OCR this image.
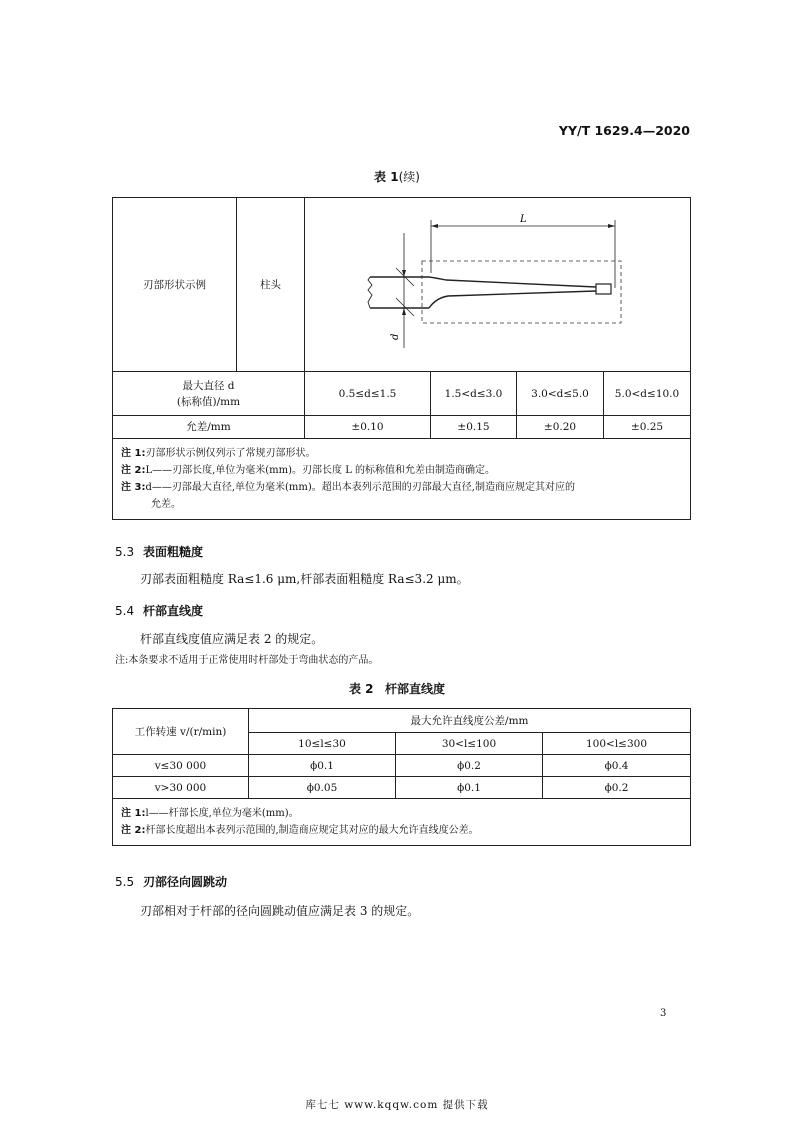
YY/T 1629.4—2020
表 1(续)
刃部形状示例	柱头	L
d			

最大直径 d
(标称值)/mm		0.5≤d≤1.5	1.5<d≤3.0	3.0<d≤5.0	5.0<d≤10.0
允差/mm		±0.10	±0.15	±0.20	±0.25

注 1:刃部形状示例仅列示了常规刃部形状。
注 2:L——刃部长度,单位为毫米(mm)。刃部长度 L 的标称值和允差由制造商确定。
注 3:d——刃部最大直径,单位为毫米(mm)。超出本表列示范围的刃部最大直径,制造商应规定其对应的
允差。					
5.3 表面粗糙度
刃部表面粗糙度 Ra≤1.6 μm,杆部表面粗糙度 Ra≤3.2 μm。
5.4 杆部直线度
杆部直线度值应满足表 2 的规定。
注:本条要求不适用于正常使用时杆部处于弯曲状态的产品。
表 2 杆部直线度
工作转速 v/(r/min)	最大允许直线度公差/mm		
	10≤l≤30	30<l≤100	100<l≤300
v≤30 000	ϕ0.1	ϕ0.2	ϕ0.4
v>30 000	ϕ0.05	ϕ0.1	ϕ0.2

注 1:l——杆部长度,单位为毫米(mm)。
注 2:杆部长度超出本表列示范围的,制造商应规定其对应的最大允许直线度公差。			
5.5 刃部径向圆跳动
刃部相对于杆部的径向圆跳动值应满足表 3 的规定。
3
库七七 www.kqqw.com 提供下载
